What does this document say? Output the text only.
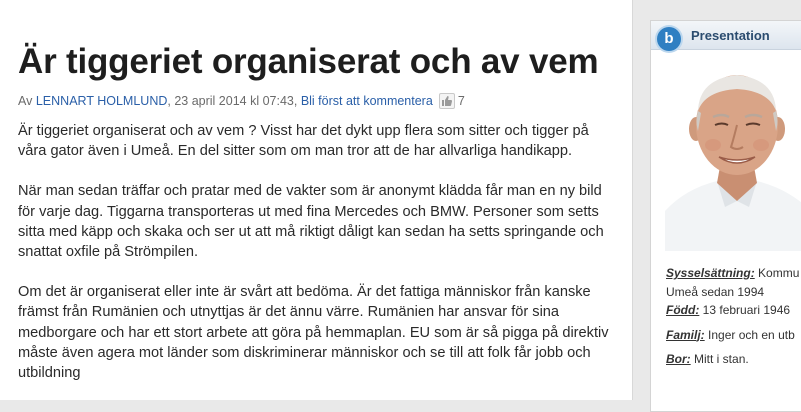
Är tiggeriet organiserat och av vem
Av
LENNART HOLMLUND , 23 april 2014 kl 07:43,
Bli först att kommentera 7

Är tiggeriet organiserat och av vem ? Visst har det dykt upp flera som sitter och tigger på våra gator även i Umeå. En del sitter som om man tror att de har allvarliga handikapp.

När man sedan träffar och pratar med de vakter som är anonymt klädda får man en ny bild för varje dag. Tiggarna transporteras ut med fina Mercedes och BMW. Personer som setts sitta med käpp och skaka och ser ut att må riktigt dåligt kan sedan ha setts springande och snattat oxfile på Strömpilen.

Om det är organiserat eller inte är svårt att bedöma. Är det fattiga människor från kanske främst från Rumänien och utnyttjas är det ännu värre. Rumänien har ansvar för sina medborgare och har ett stort arbete att göra på hemmaplan. EU som är så pigga på direktiv måste även agera mot länder som diskriminerar människor och se till att folk får jobb och utbildning

b	Presentation
Sysselsättning: Kommu
Umeå sedan 1994
Född: 13 februari 1946
Familj: Inger och en utb
Bor: Mitt i stan.
